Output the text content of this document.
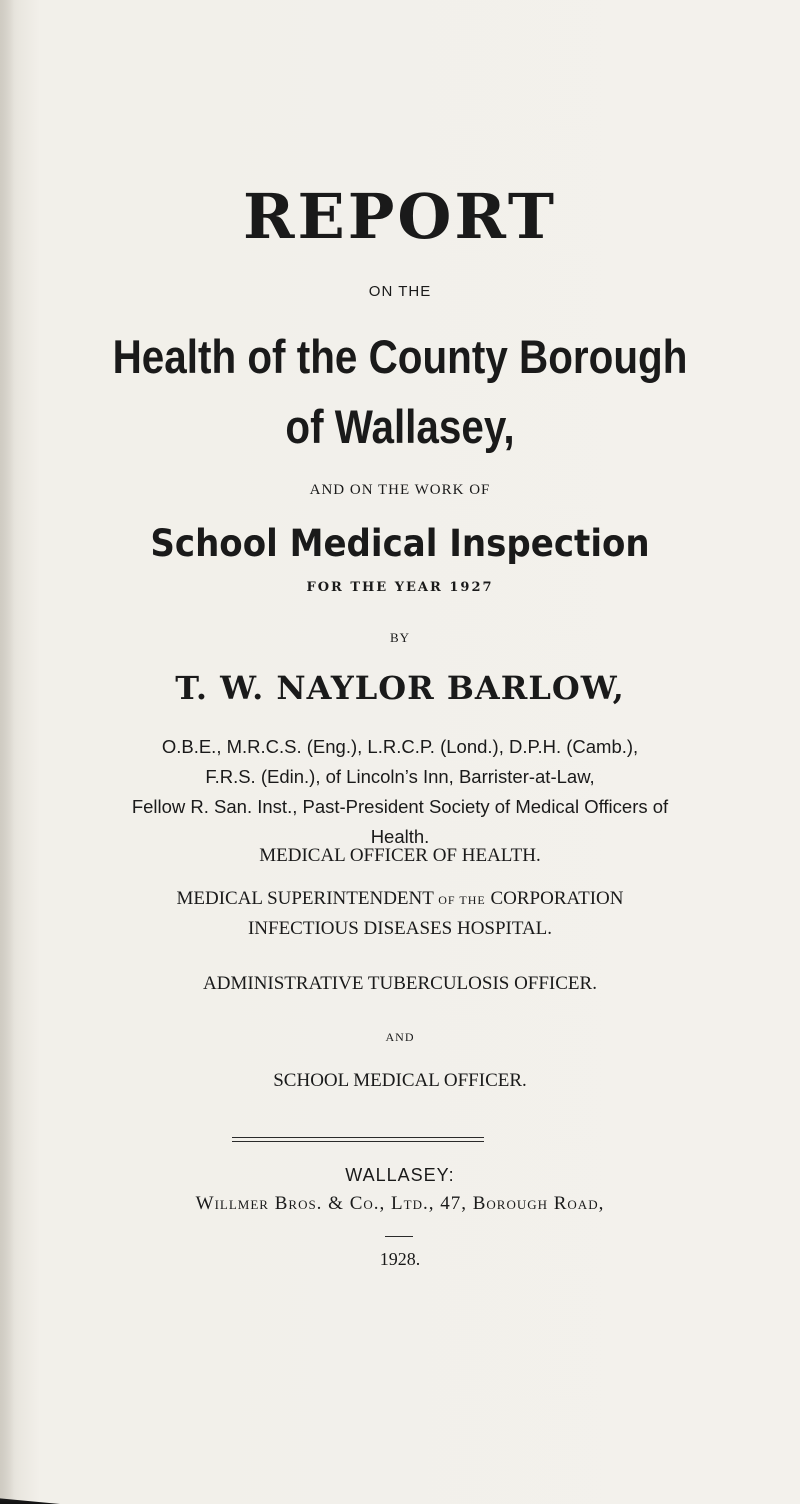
REPORT
ON THE
Health of the County Borough
of Wallasey,
AND ON THE WORK OF
School Medical Inspection
FOR THE YEAR 1927
BY
T. W. NAYLOR BARLOW,
O.B.E., M.R.C.S. (Eng.), L.R.C.P. (Lond.), D.P.H. (Camb.),
F.R.S. (Edin.), of Lincoln’s Inn, Barrister-at-Law,
Fellow R. San. Inst., Past-President Society of Medical Officers of
Health.
MEDICAL OFFICER OF HEALTH.
MEDICAL SUPERINTENDENT OF THE CORPORATION
INFECTIOUS DISEASES HOSPITAL.
ADMINISTRATIVE TUBERCULOSIS OFFICER.
AND
SCHOOL MEDICAL OFFICER.
WALLASEY:
Willmer Bros. & Co., Ltd., 47, Borough Road,
1928.
